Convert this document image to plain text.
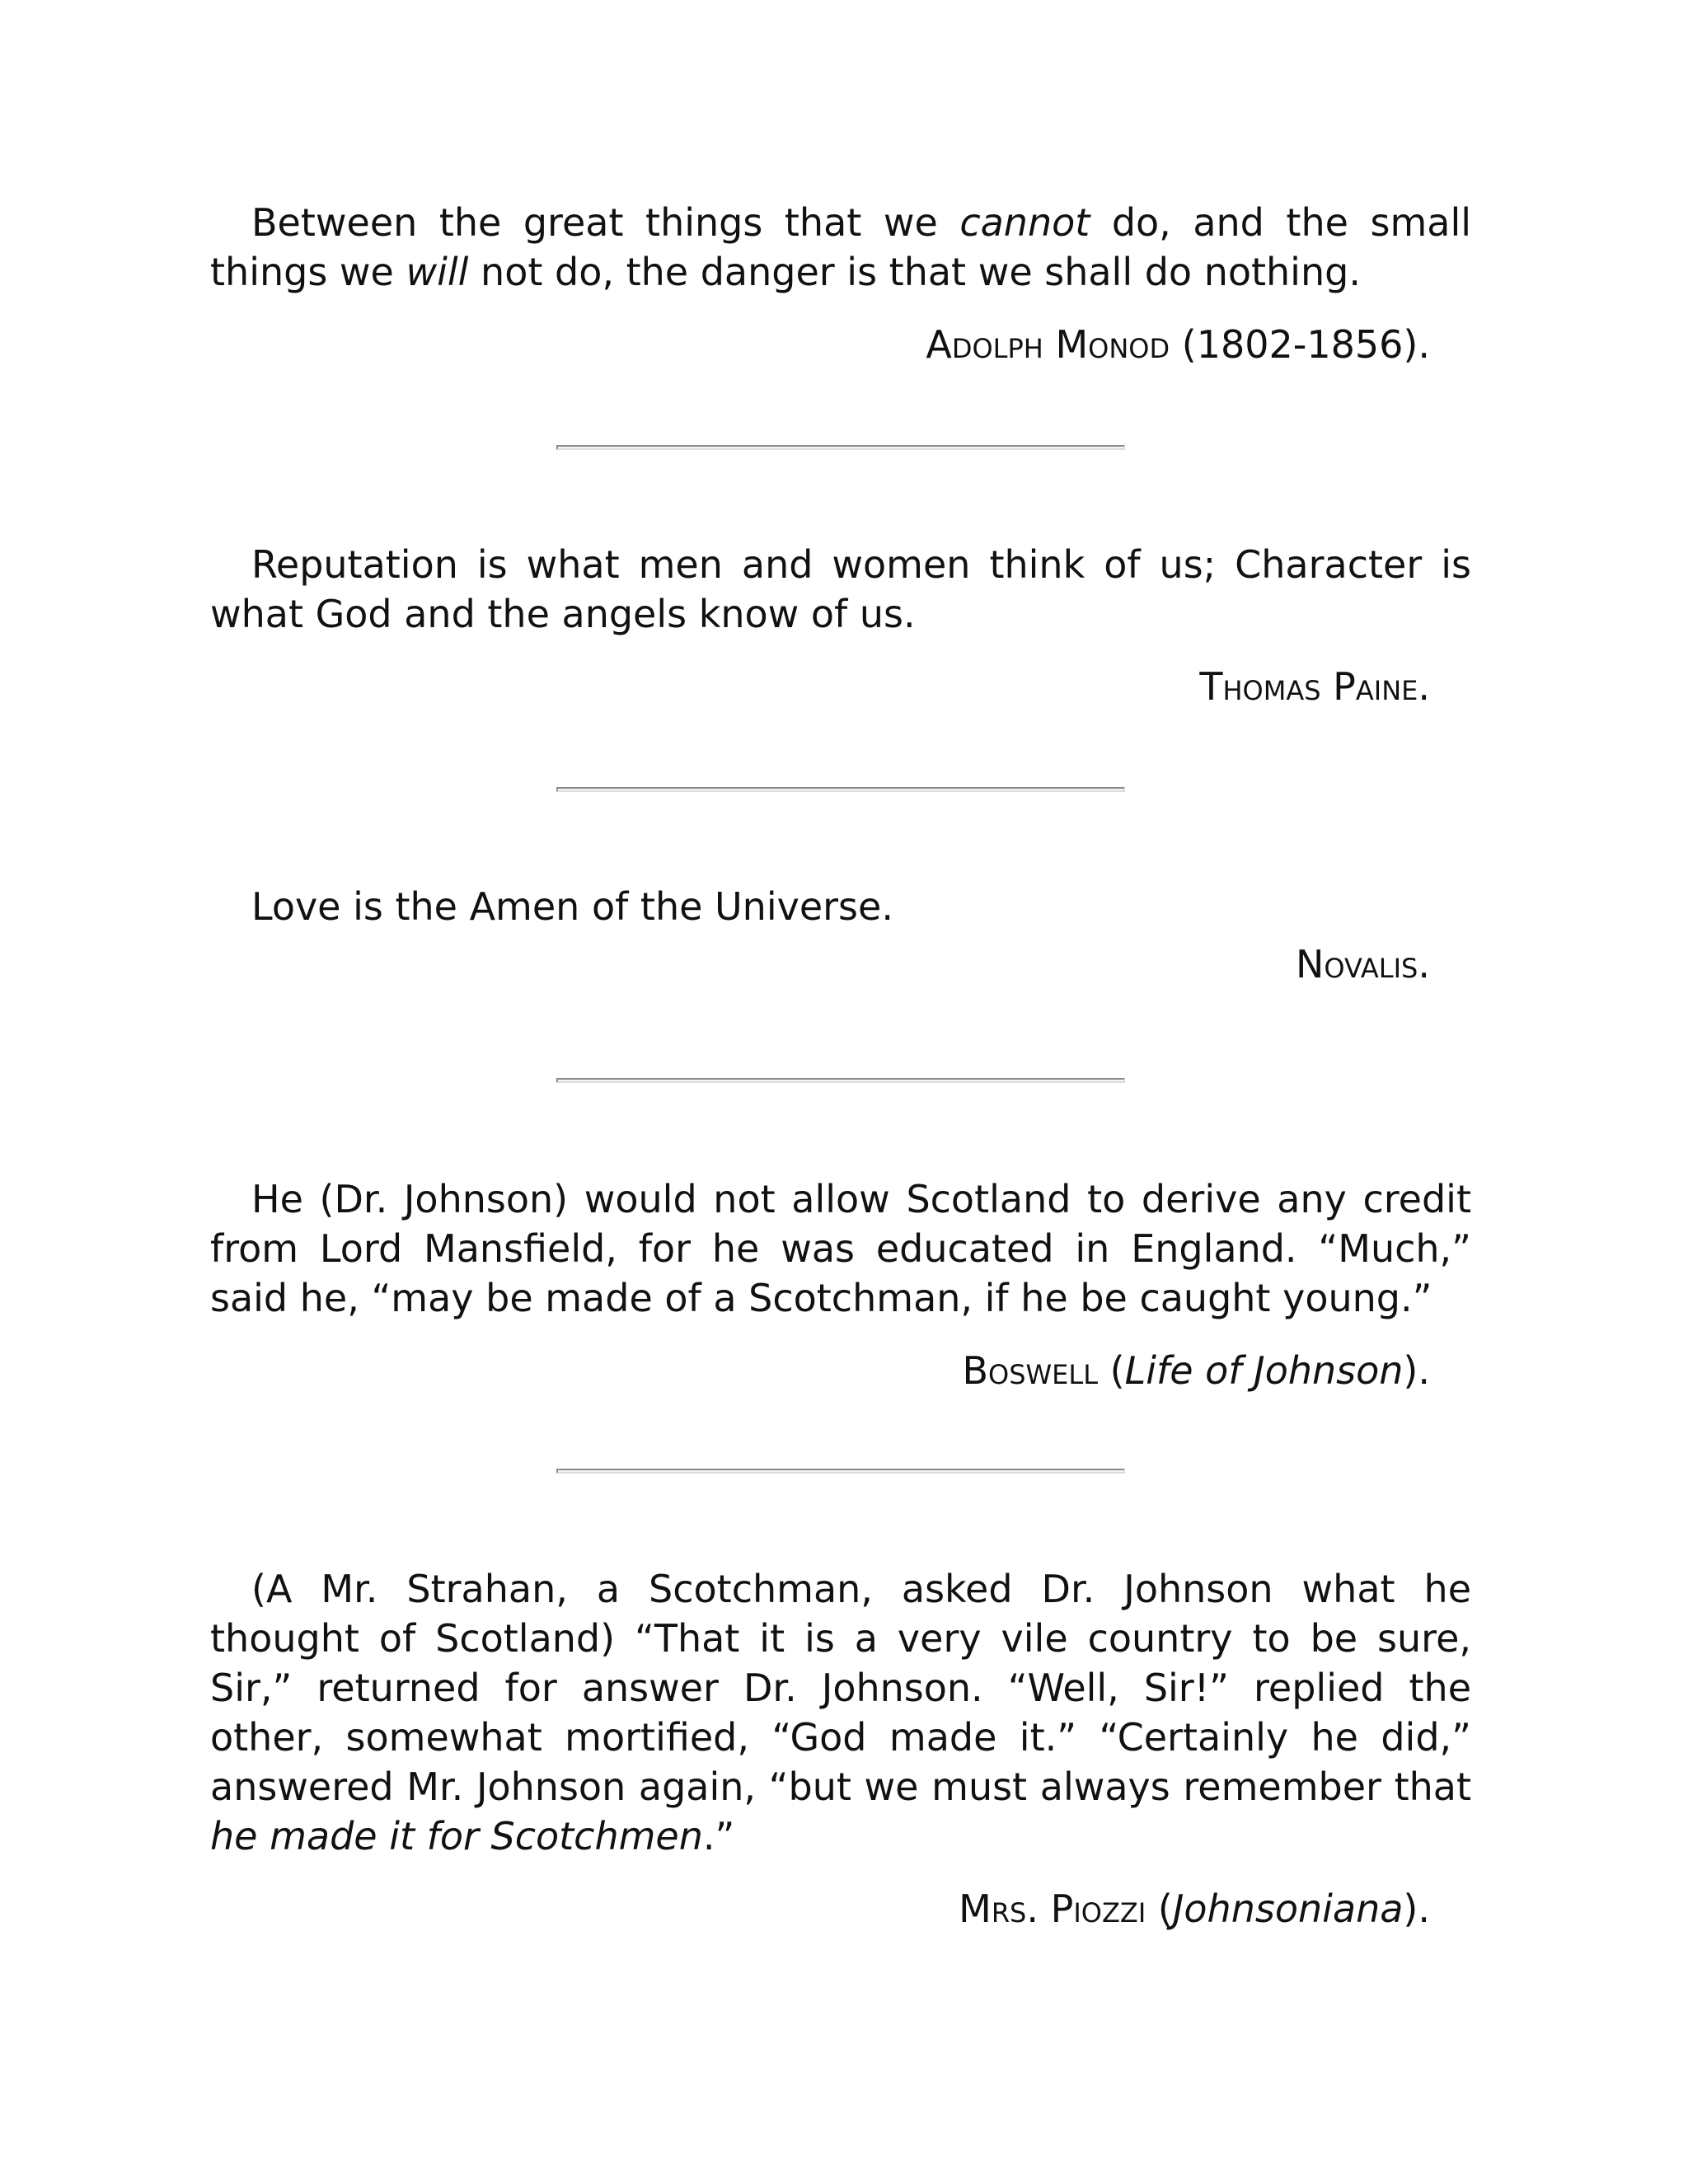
Between the great things that we cannot do, and the small things we will not do, the danger is that we shall do nothing.

Adolph Monod (1802-1856).

Reputation is what men and women think of us; Character is what God and the angels know of us.

Thomas Paine.

Love is the Amen of the Universe.

Novalis.

He (Dr. Johnson) would not allow Scotland to derive any credit from Lord Mansfield, for he was educated in England. “Much,” said he, “may be made of a Scotchman, if he be caught young.”

Boswell (Life of Johnson).

(A Mr. Strahan, a Scotchman, asked Dr. Johnson what he thought of Scotland) “That it is a very vile country to be sure, Sir,” returned for answer Dr. Johnson. “Well, Sir!” replied the other, somewhat mortified, “God made it.” “Certainly he did,” answered Mr. Johnson again, “but we must always remember that he made it for Scotchmen.”

Mrs. Piozzi (Johnsoniana).
